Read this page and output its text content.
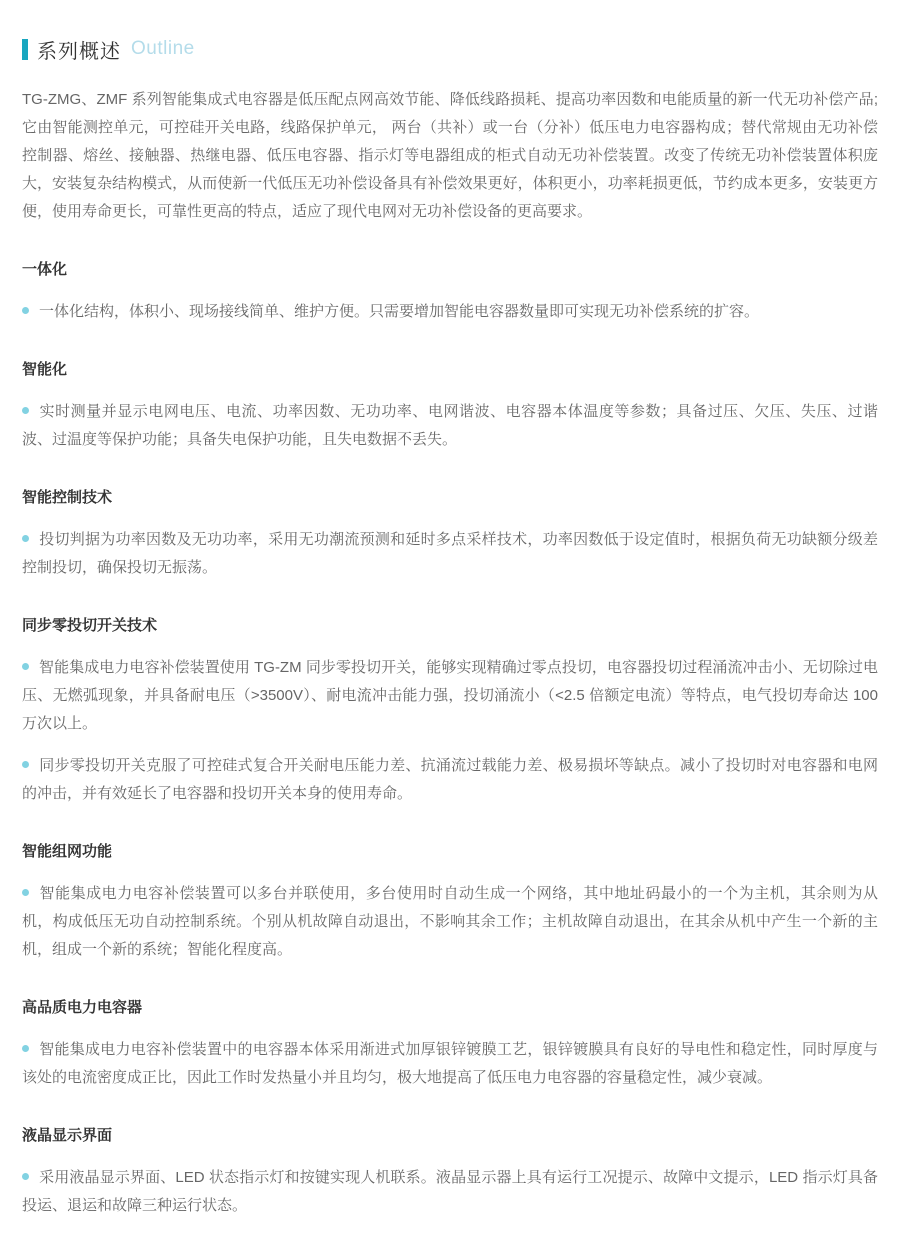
系列概述 Outline

TG-ZMG、ZMF 系列智能集成式电容器是低压配点网高效节能、降低线路损耗、提高功率因数和电能质量的新一代无功补偿产品;它由智能测控单元，可控硅开关电路，线路保护单元， 两台（共补）或一台（分补）低压电力电容器构成；替代常规由无功补偿控制器、熔丝、接触器、热继电器、低压电容器、指示灯等电器组成的柜式自动无功补偿装置。改变了传统无功补偿装置体积庞大，安装复杂结构模式，从而使新一代低压无功补偿设备具有补偿效果更好，体积更小，功率耗损更低，节约成本更多，安装更方便，使用寿命更长，可靠性更高的特点，适应了现代电网对无功补偿设备的更高要求。

一体化

一体化结构，体积小、现场接线简单、维护方便。只需要增加智能电容器数量即可实现无功补偿系统的扩容。

智能化

实时测量并显示电网电压、电流、功率因数、无功功率、电网谐波、电容器本体温度等参数；具备过压、欠压、失压、过谐波、过温度等保护功能；具备失电保护功能，且失电数据不丢失。

智能控制技术

投切判据为功率因数及无功功率，采用无功潮流预测和延时多点采样技术，功率因数低于设定值时，根据负荷无功缺额分级差控制投切，确保投切无振荡。

同步零投切开关技术

智能集成电力电容补偿装置使用 TG-ZM 同步零投切开关，能够实现精确过零点投切，电容器投切过程涌流冲击小、无切除过电压、无燃弧现象，并具备耐电压（>3500V）、耐电流冲击能力强，投切涌流小（<2.5 倍额定电流）等特点，电气投切寿命达 100 万次以上。

同步零投切开关克服了可控硅式复合开关耐电压能力差、抗涌流过载能力差、极易损坏等缺点。减小了投切时对电容器和电网的冲击，并有效延长了电容器和投切开关本身的使用寿命。

智能组网功能

智能集成电力电容补偿装置可以多台并联使用，多台使用时自动生成一个网络，其中地址码最小的一个为主机，其余则为从机，构成低压无功自动控制系统。个别从机故障自动退出，不影响其余工作；主机故障自动退出，在其余从机中产生一个新的主机，组成一个新的系统；智能化程度高。

高品质电力电容器

智能集成电力电容补偿装置中的电容器本体采用渐进式加厚银锌镀膜工艺，银锌镀膜具有良好的导电性和稳定性，同时厚度与该处的电流密度成正比，因此工作时发热量小并且均匀，极大地提高了低压电力电容器的容量稳定性，减少衰减。

液晶显示界面

采用液晶显示界面、LED 状态指示灯和按键实现人机联系。液晶显示器上具有运行工况提示、故障中文提示，LED 指示灯具备投运、退运和故障三种运行状态。
